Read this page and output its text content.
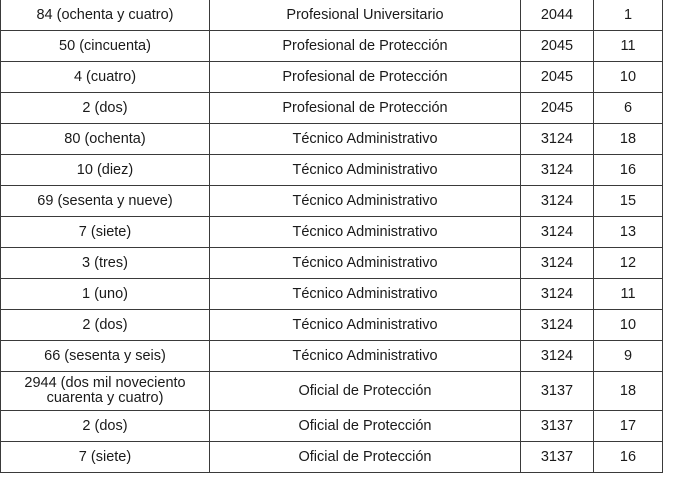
84 (ochenta y cuatro)	Profesional Universitario	2044	1
50 (cincuenta)	Profesional de Protección	2045	11
4 (cuatro)	Profesional de Protección	2045	10
2 (dos)	Profesional de Protección	2045	6
80 (ochenta)	Técnico Administrativo	3124	18
10 (diez)	Técnico Administrativo	3124	16
69 (sesenta y nueve)	Técnico Administrativo	3124	15
7 (siete)	Técnico Administrativo	3124	13
3 (tres)	Técnico Administrativo	3124	12
1 (uno)	Técnico Administrativo	3124	11
2 (dos)	Técnico Administrativo	3124	10
66 (sesenta y seis)	Técnico Administrativo	3124	9
2944 (dos mil noveciento cuarenta y cuatro)	Oficial de Protección	3137	18
2 (dos)	Oficial de Protección	3137	17
7 (siete)	Oficial de Protección	3137	16
